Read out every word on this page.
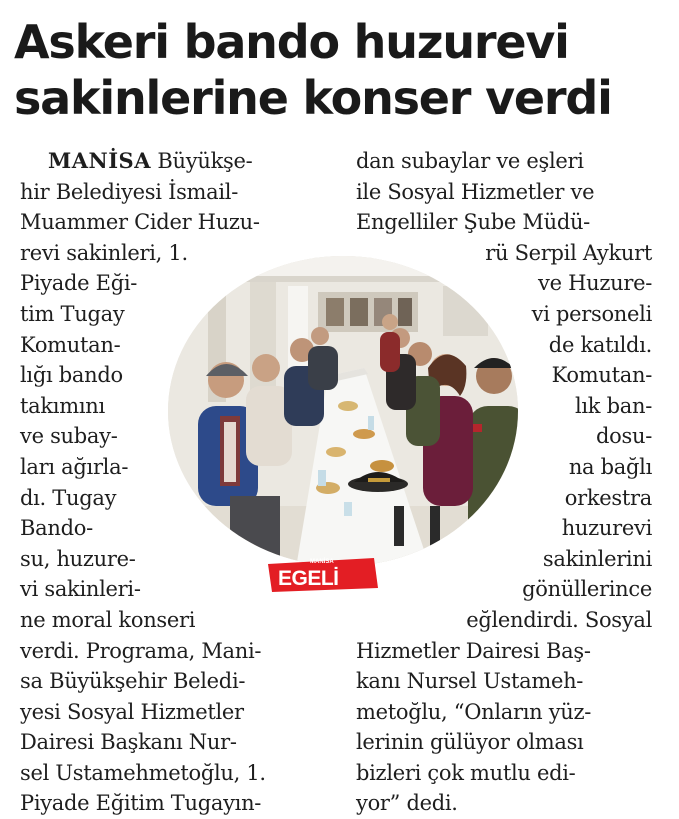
Askeri bando huzurevi
sakinlerine konser verdi
MANİSA Büyükşe-
hir Belediyesi İsmail-
Muammer Cider Huzu-
revi sakinleri, 1.
Piyade Eği-
tim Tugay
Komutan-
lığı bando
takımını
ve subay-
ları ağırla-
dı. Tugay
Bando-
su, huzure-
vi sakinleri-
ne moral konseri
verdi. Programa, Mani-
sa Büyükşehir Beledi-
yesi Sosyal Hizmetler
Dairesi Başkanı Nur-
sel Ustamehmetoğlu, 1.
Piyade Eğitim Tugayın-
dan subaylar ve eşleri
ile Sosyal Hizmetler ve
Engelliler Şube Müdü-
rü Serpil Aykurt
ve Huzure-
vi personeli
de katıldı.
Komutan-
lık ban-
dosu-
na bağlı
orkestra
huzurevi
sakinlerini
gönüllerince
eğlendirdi. Sosyal
Hizmetler Dairesi Baş-
kanı Nursel Ustameh-
metoğlu, “Onların yüz-
lerinin gülüyor olması
bizleri çok mutlu edi-
yor” dedi.
MANİSA
EGELİ
